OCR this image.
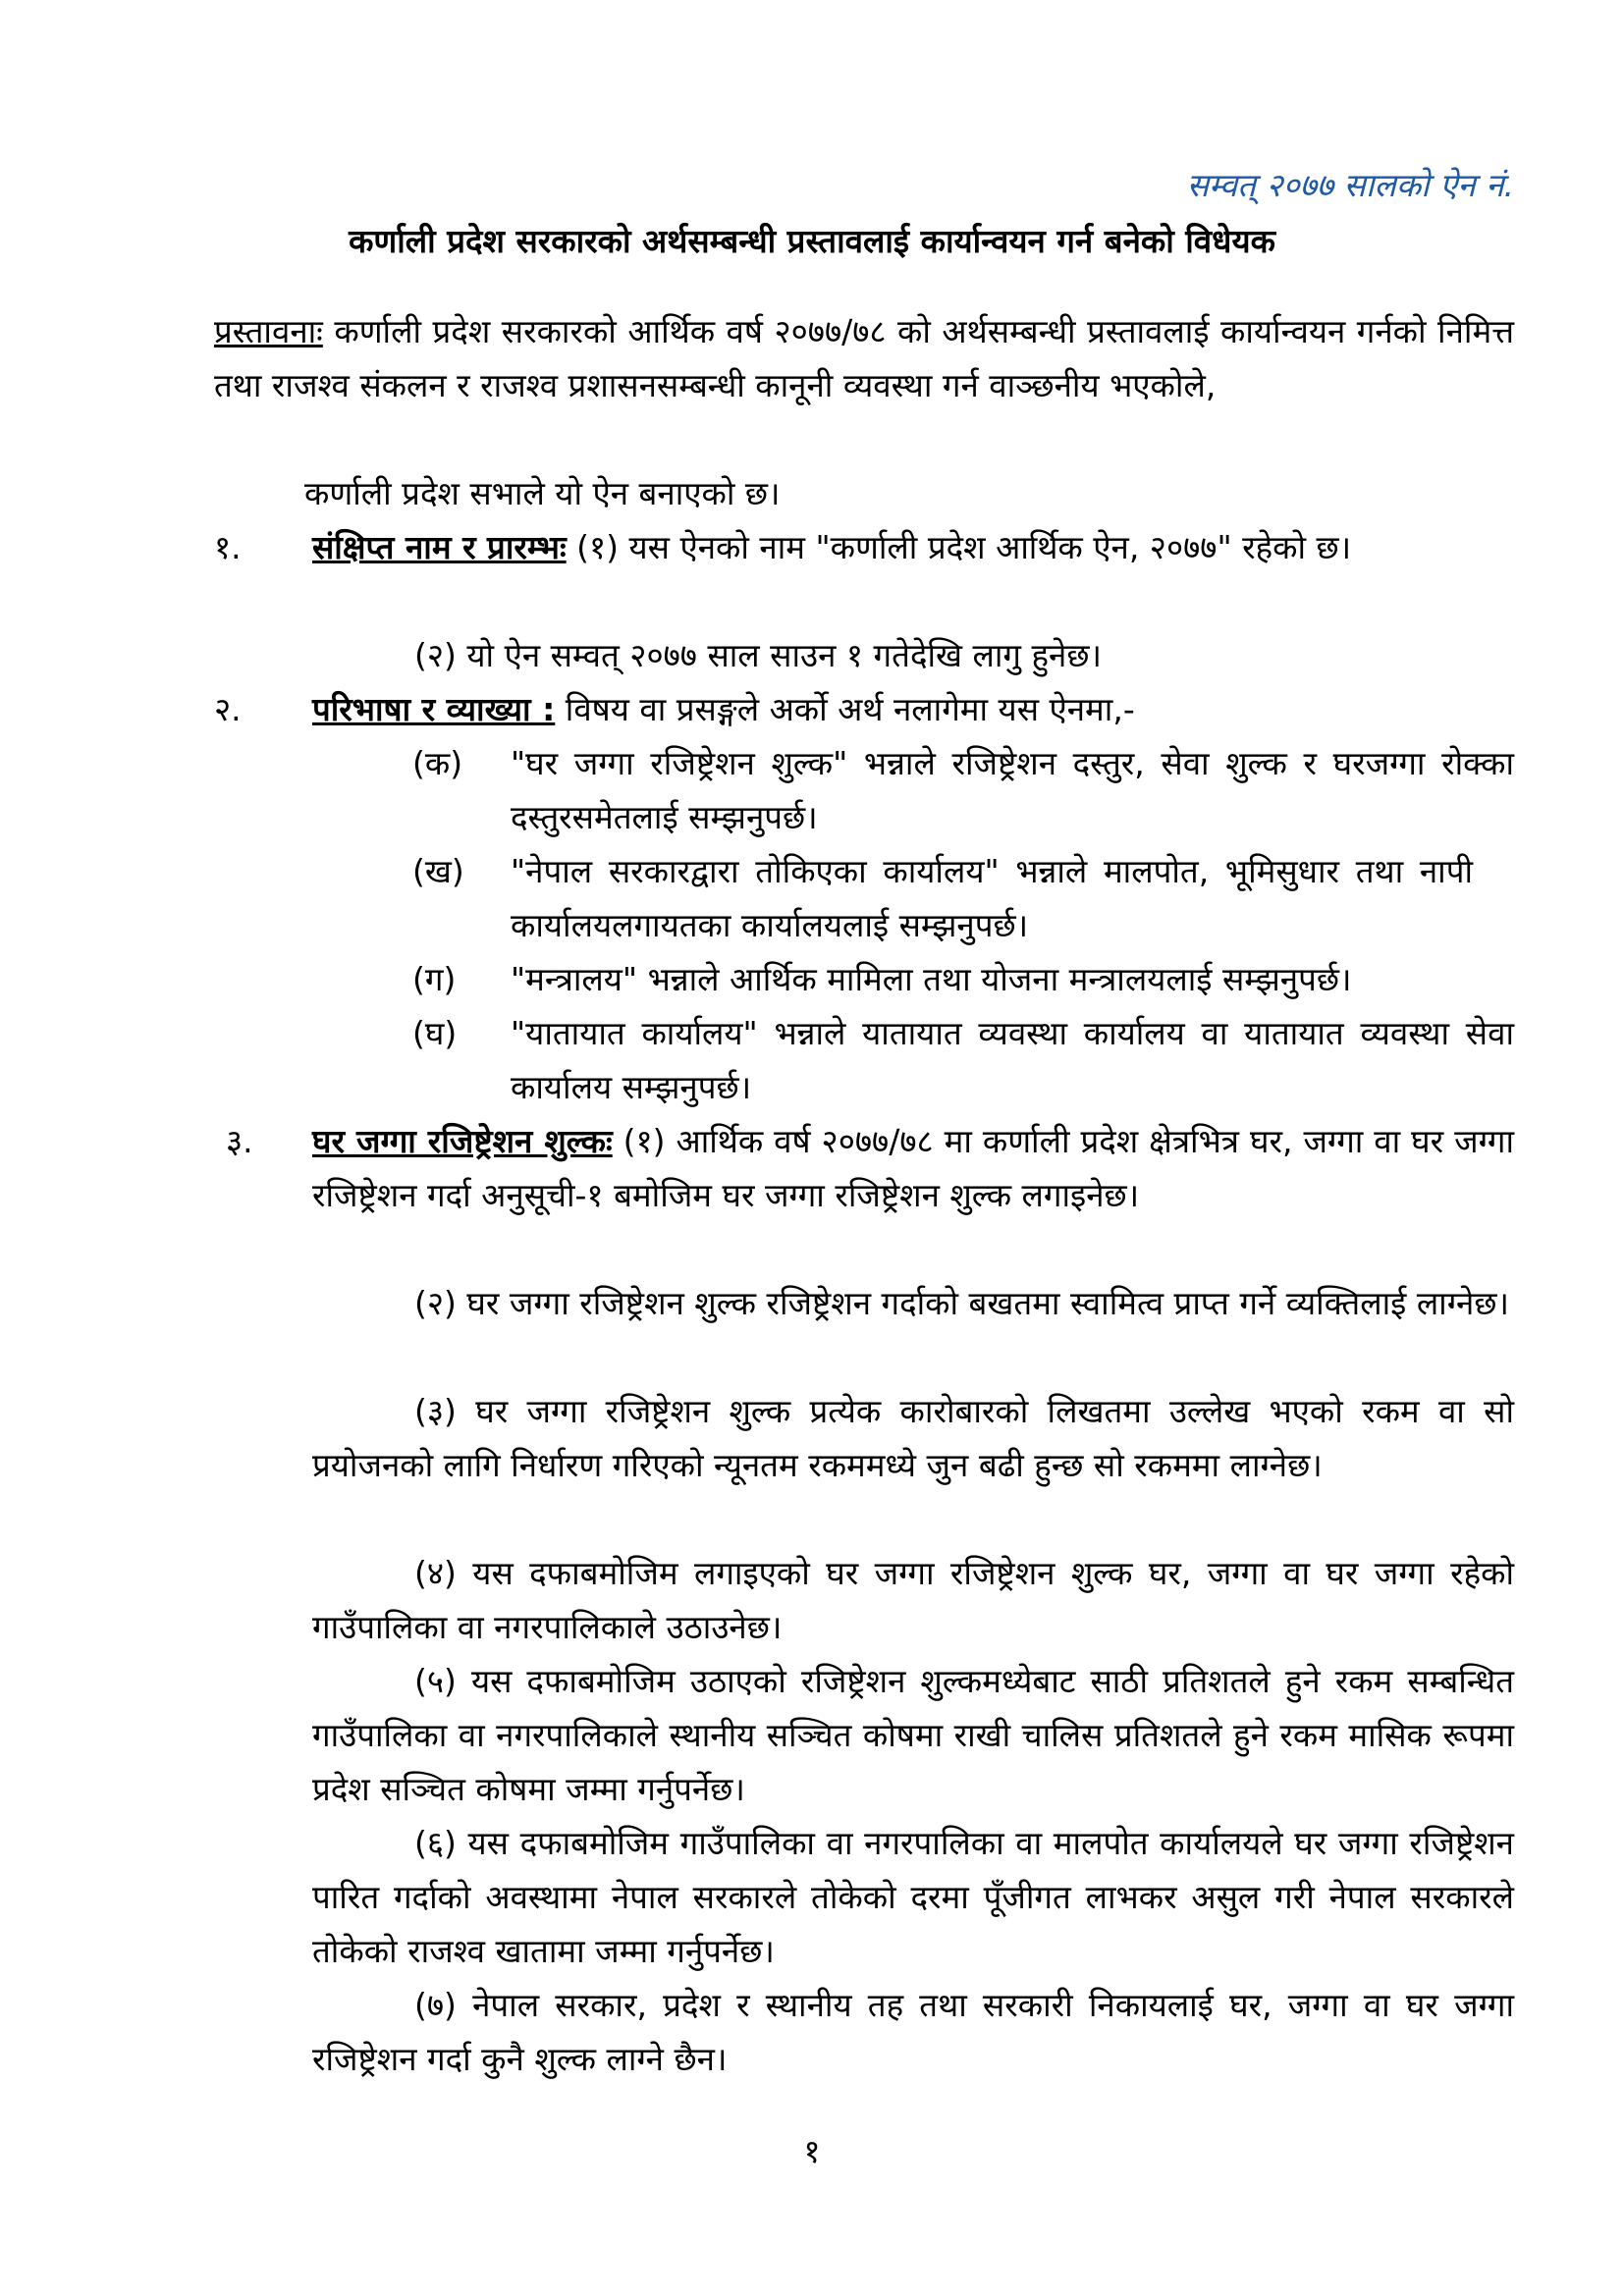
सम्वत् २०७७ सालको ऐन नं.
कर्णाली प्रदेश सरकारको अर्थसम्बन्धी प्रस्तावलाई कार्यान्वयन गर्न बनेको विधेयक
प्रस्तावनाः कर्णाली प्रदेश सरकारको आर्थिक वर्ष २०७७/७८ को अर्थसम्बन्धी प्रस्तावलाई कार्यान्वयन गर्नको निमित्त तथा राजश्व संकलन र राजश्व प्रशासनसम्बन्धी कानूनी व्यवस्था गर्न वाञ्छनीय भएकोले,
कर्णाली प्रदेश सभाले यो ऐन बनाएको छ।
१.	संक्षिप्त नाम र प्रारम्भः (१) यस ऐनको नाम "कर्णाली प्रदेश आर्थिक ऐन, २०७७" रहेको छ।
(२) यो ऐन सम्वत् २०७७ साल साउन १ गतेदेखि लागु हुनेछ।
२.	परिभाषा र व्याख्या : विषय वा प्रसङ्गले अर्को अर्थ नलागेमा यस ऐनमा,-
(क) "घर जग्गा रजिष्ट्रेशन शुल्क" भन्नाले रजिष्ट्रेशन दस्तुर, सेवा शुल्क र घरजग्गा रोक्का दस्तुरसमेतलाई सम्झनुपर्छ।
(ख) "नेपाल सरकारद्वारा तोकिएका कार्यालय" भन्नाले मालपोत, भूमिसुधार तथा नापी कार्यालयलगायतका कार्यालयलाई सम्झनुपर्छ।
(ग) "मन्त्रालय" भन्नाले आर्थिक मामिला तथा योजना मन्त्रालयलाई सम्झनुपर्छ।
(घ) "यातायात कार्यालय" भन्नाले यातायात व्यवस्था कार्यालय वा यातायात व्यवस्था सेवा कार्यालय सम्झनुपर्छ।
३.	घर जग्गा रजिष्ट्रेशन शुल्कः (१) आर्थिक वर्ष २०७७/७८ मा कर्णाली प्रदेश क्षेत्रभित्र घर, जग्गा वा घर जग्गा रजिष्ट्रेशन गर्दा अनुसूची-१ बमोजिम घर जग्गा रजिष्ट्रेशन शुल्क लगाइनेछ।
(२) घर जग्गा रजिष्ट्रेशन शुल्क रजिष्ट्रेशन गर्दाको बखतमा स्वामित्व प्राप्त गर्ने व्यक्तिलाई लाग्नेछ।
(३) घर जग्गा रजिष्ट्रेशन शुल्क प्रत्येक कारोबारको लिखतमा उल्लेख भएको रकम वा सो प्रयोजनको लागि निर्धारण गरिएको न्यूनतम रकममध्ये जुन बढी हुन्छ सो रकममा लाग्नेछ।
(४) यस दफाबमोजिम लगाइएको घर जग्गा रजिष्ट्रेशन शुल्क घर, जग्गा वा घर जग्गा रहेको गाउँपालिका वा नगरपालिकाले उठाउनेछ।
(५) यस दफाबमोजिम उठाएको रजिष्ट्रेशन शुल्कमध्येबाट साठी प्रतिशतले हुने रकम सम्बन्धित गाउँपालिका वा नगरपालिकाले स्थानीय सञ्चित कोषमा राखी चालिस प्रतिशतले हुने रकम मासिक रूपमा प्रदेश सञ्चित कोषमा जम्मा गर्नुपर्नेछ।
(६) यस दफाबमोजिम गाउँपालिका वा नगरपालिका वा मालपोत कार्यालयले घर जग्गा रजिष्ट्रेशन पारित गर्दाको अवस्थामा नेपाल सरकारले तोकेको दरमा पूँजीगत लाभकर असुल गरी नेपाल सरकारले तोकेको राजश्व खातामा जम्मा गर्नुपर्नेछ।
(७) नेपाल सरकार, प्रदेश र स्थानीय तह तथा सरकारी निकायलाई घर, जग्गा वा घर जग्गा रजिष्ट्रेशन गर्दा कुनै शुल्क लाग्ने छैन।
१
